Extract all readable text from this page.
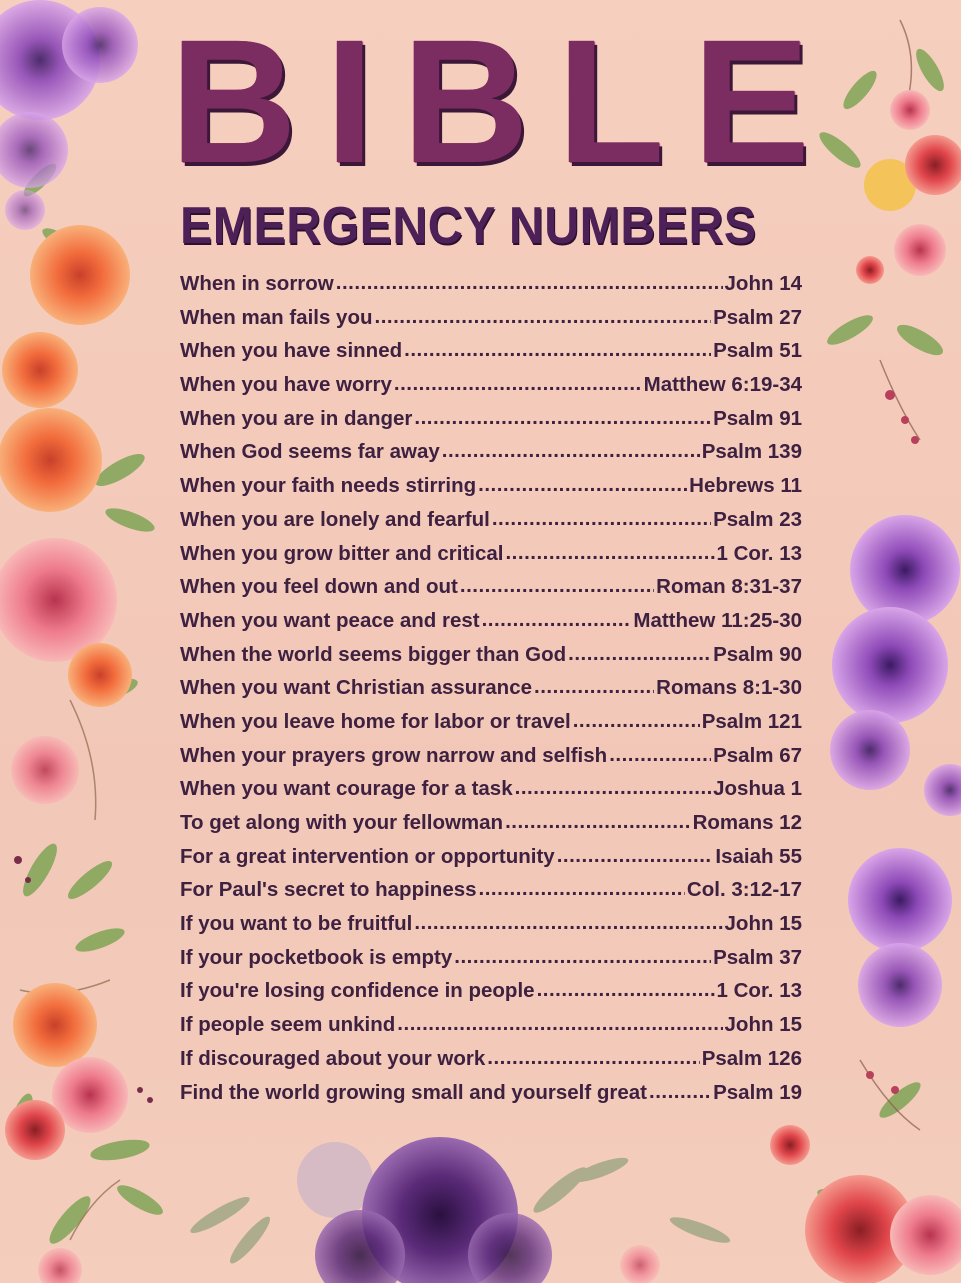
B I B L E
EMERGENCY NUMBERS
When in sorrow .....	John 14
When man fails you .....	Psalm 27
When you have sinned .....	Psalm 51
When you have worry .....	Matthew 6:19-34
When you are in danger .....	Psalm 91
When God seems far away .....	Psalm 139
When your faith needs stirring .....	Hebrews 11
When you are lonely and fearful .....	Psalm 23
When you grow bitter and critical .....	1 Cor. 13
When you feel down and out .....	Roman 8:31-37
When you want peace and rest .....	Matthew 11:25-30
When the world seems bigger than God .....	Psalm 90
When you want Christian assurance .....	Romans 8:1-30
When you leave home for labor or travel .....	Psalm 121
When your prayers grow narrow and selfish .....	Psalm 67
When you want courage for a task .....	Joshua 1
To get along with your fellowman .....	Romans 12
For a great intervention or opportunity .....	Isaiah 55
For Paul's secret to happiness .....	Col. 3:12-17
If you want to be fruitful .....	John 15
If your pocketbook is empty .....	Psalm 37
If you're losing confidence in people .....	1 Cor. 13
If people seem unkind .....	John 15
If discouraged about your work .....	Psalm 126
Find the world growing small and yourself great .....	Psalm 19
